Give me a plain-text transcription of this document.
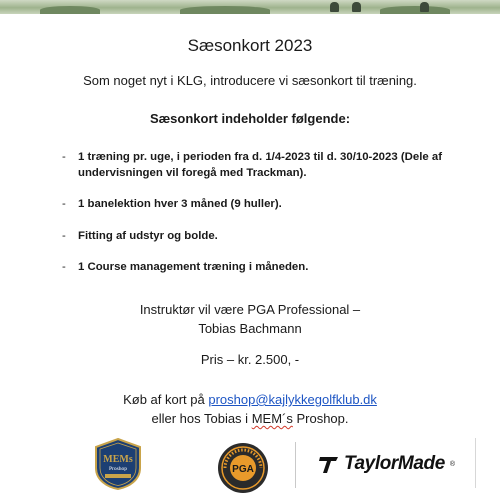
Sæsonkort 2023
Som noget nyt i KLG, introducere vi sæsonkort til træning.
Sæsonkort indeholder følgende:
- 1 træning pr. uge, i perioden fra d. 1/4-2023 til d. 30/10-2023 (Dele af undervisningen vil foregå med Trackman).
- 1 banelektion hver 3 måned (9 huller).
- Fitting af udstyr og bolde.
- 1 Course management træning i måneden.
Instruktør vil være PGA Professional –
Tobias Bachmann
Pris – kr. 2.500, -
Køb af kort på proshop@kajlykkegolfklub.dk
eller hos Tobias i MEM´s Proshop.
MEMs
Proshop	PGA	TaylorMade ®
